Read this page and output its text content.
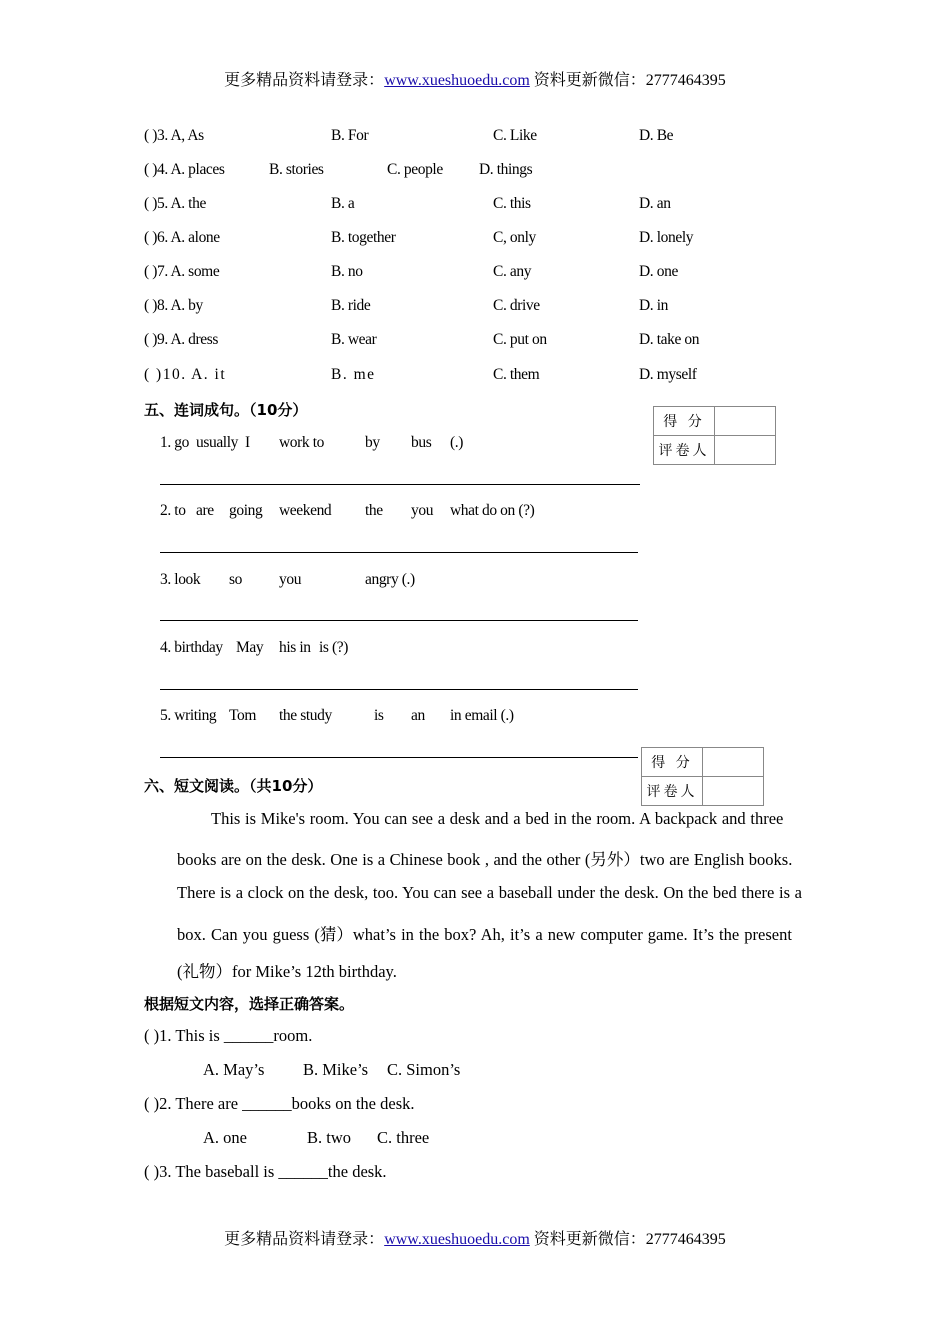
更多精品资料请登录：www.xueshuoedu.com 资料更新微信：2777464395
( )3. A, As	B. For	C. Like	D. Be
( )4. A. places	B. stories	C. people D. things
( )5. A. the	B. a	C. this	D. an
( )6. A. alone	B. together	C, only	D. lonely
( )7. A. some	B. no	C. any	D. one
( )8. A. by	B. ride	C. drive	D. in
( )9. A. dress	B. wear	C. put on	D. take on
( )10. A. it	B. me	C. them	D. myself
五、连词成句。（10分）
得 分	
评卷人	
1. go usually I work to	by bus (.)
2. to are going weekend the you what do on (?)
3. look so you	angry (.)
4. birthday May his in is (?)
5. writing Tom the study	is an in email (.)
六、短文阅读。（共10分）
得 分	
评卷人	
This is Mike's room. You can see a desk and a bed in the room. A backpack and three
books are on the desk. One is a Chinese book , and the other (另外）two are English books.
There is a clock on the desk, too. You can see a baseball under the desk. On the bed there is a
box. Can you guess (猜）what’s in the box? Ah, it’s a new computer game. It’s the present
(礼物）for Mike’s 12th birthday.
根据短文内容，选择正确答案。
( )1. This is ______room.
A. May’s B. Mike’s C. Simon’s
( )2. There are ______books on the desk.
A. one	B. two C. three
( )3. The baseball is ______the desk.
更多精品资料请登录：www.xueshuoedu.com 资料更新微信：2777464395
